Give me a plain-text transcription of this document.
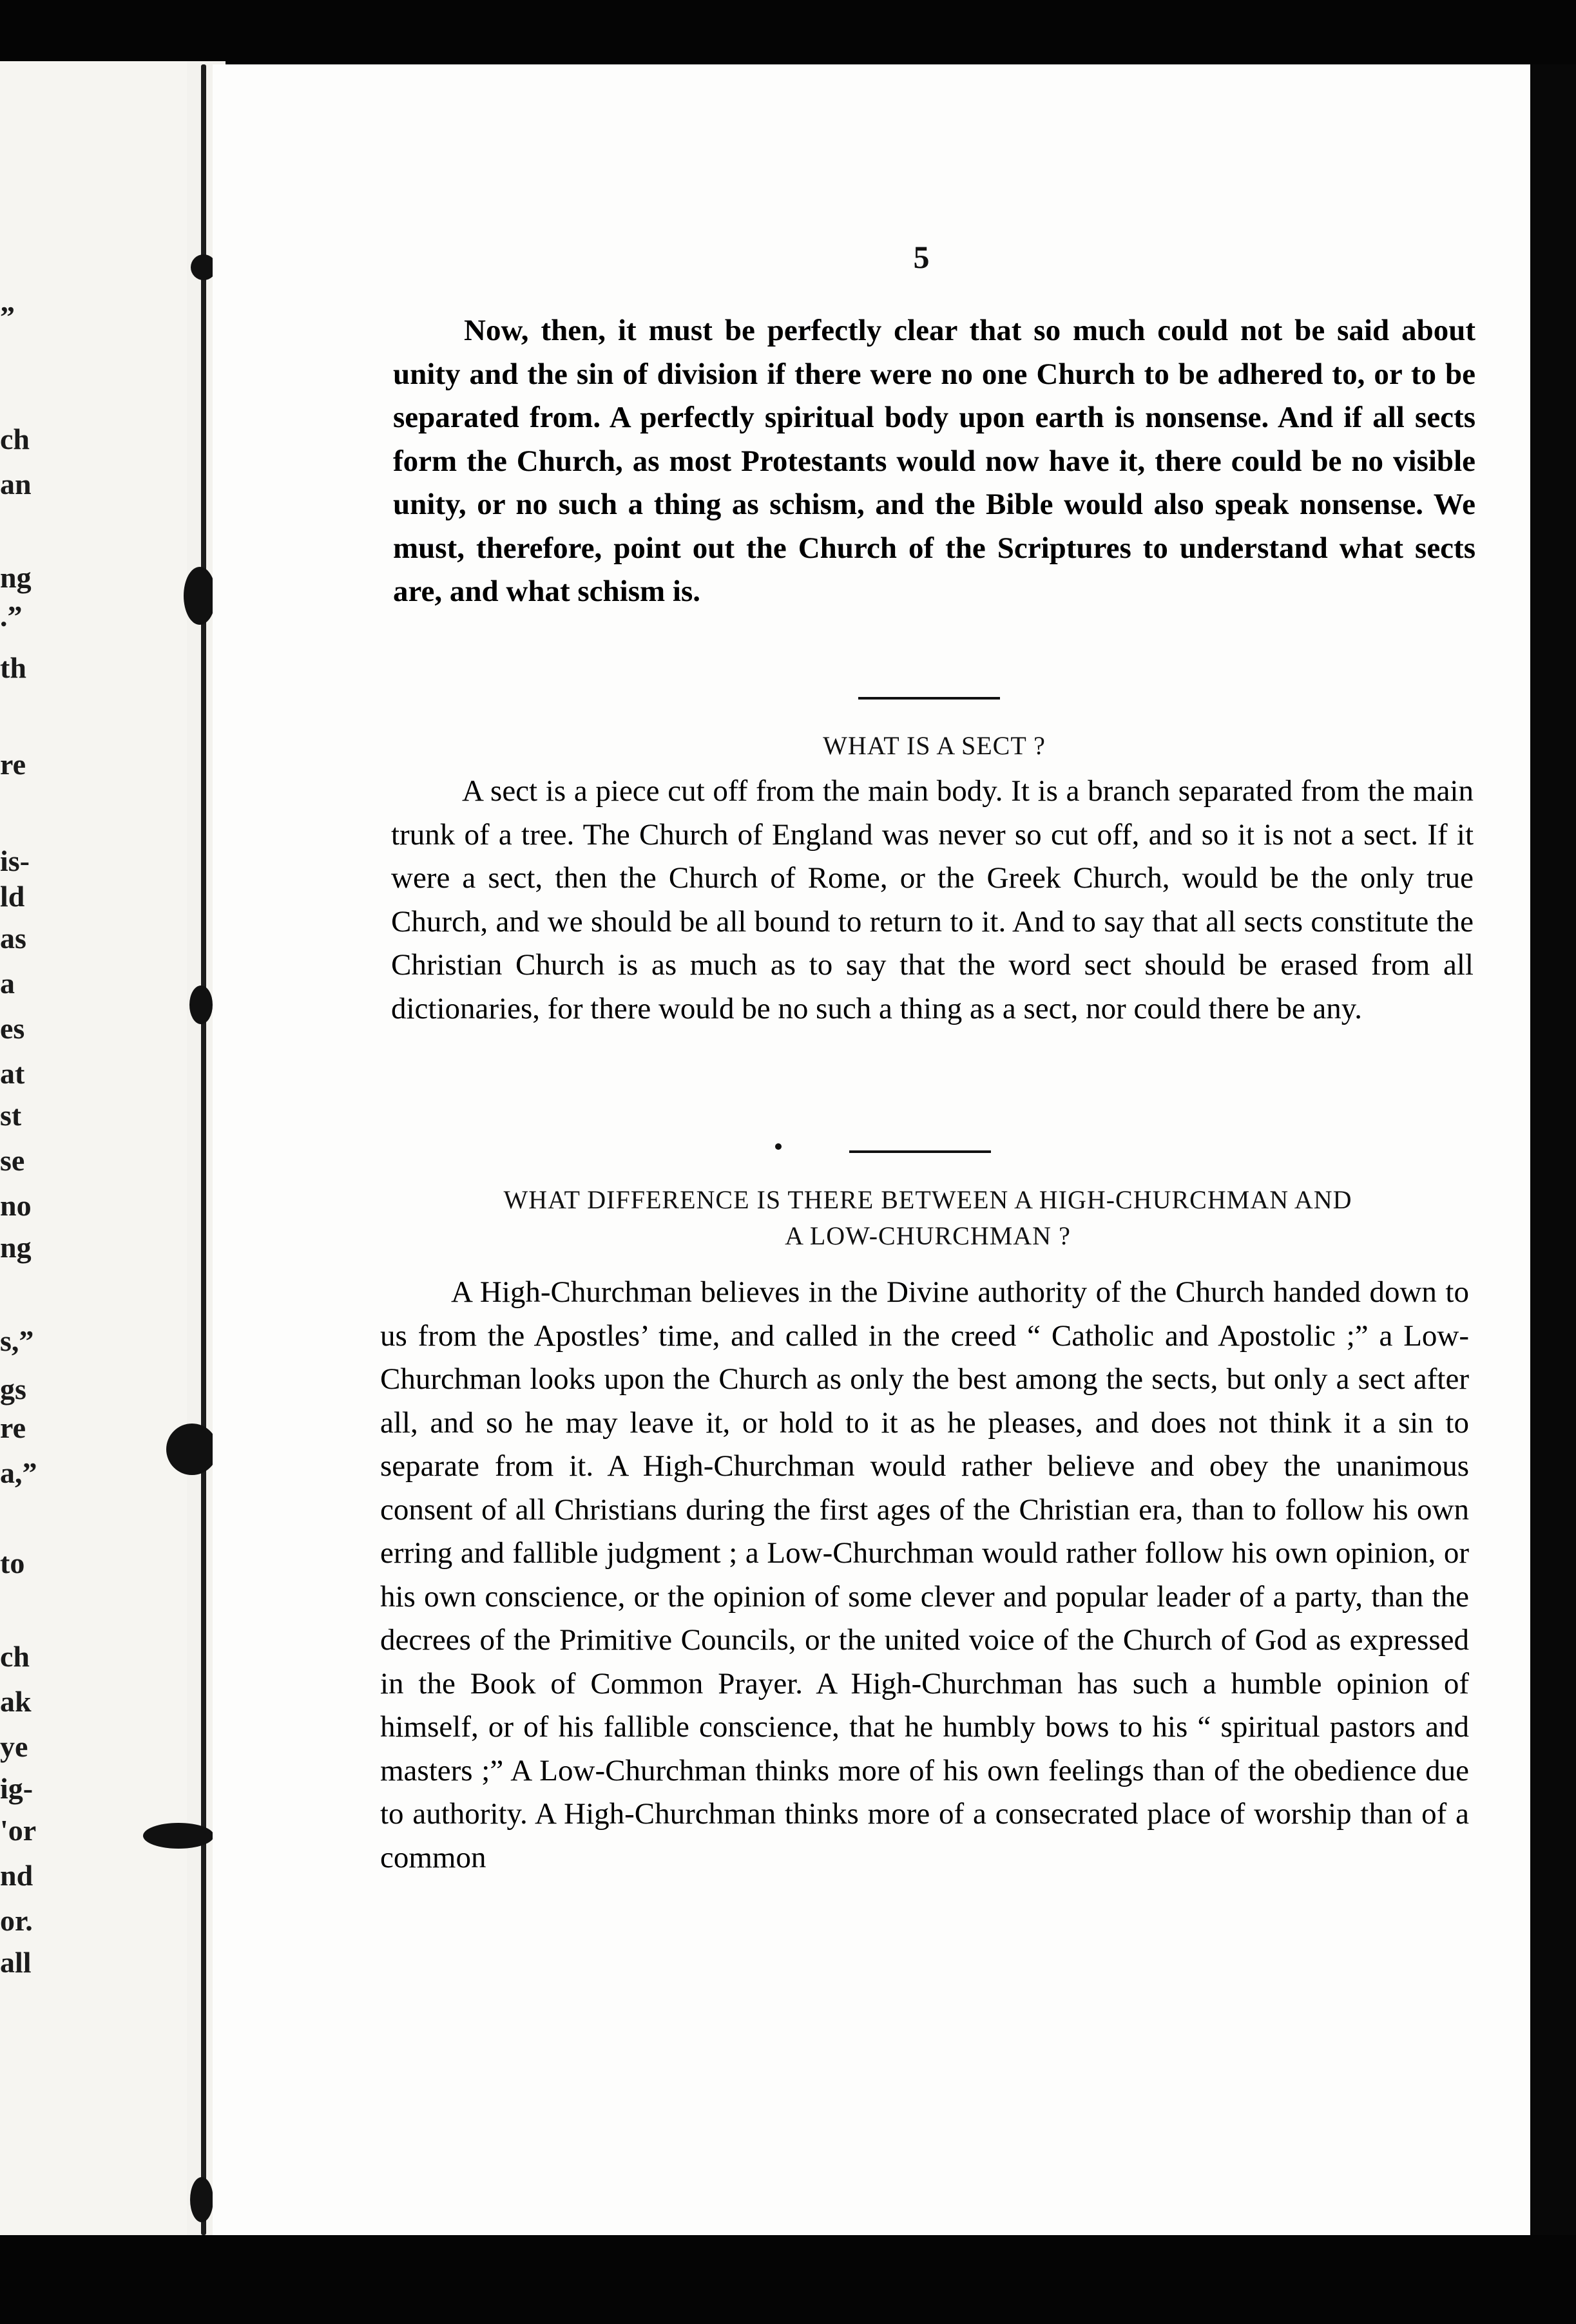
”
ch
an
ng
.”
th
re
is-
ld
as
a
es
at
st
se
no
ng
s,”
gs
re
a,”
to
ch
ak
ye
ig-
'or
nd
or.
all
5

Now, then, it must be perfectly clear that so much could not be said about unity and the sin of division if there were no one Church to be adhered to, or to be separated from. A perfectly spiritual body upon earth is nonsense. And if all sects form the Church, as most Protestants would now have it, there could be no visible unity, or no such a thing as schism, and the Bible would also speak nonsense. We must, therefore, point out the Church of the Scriptures to understand what sects are, and what schism is.

WHAT IS A SECT ?

A sect is a piece cut off from the main body. It is a branch separated from the main trunk of a tree. The Church of England was never so cut off, and so it is not a sect. If it were a sect, then the Church of Rome, or the Greek Church, would be the only true Church, and we should be all bound to return to it. And to say that all sects constitute the Christian Church is as much as to say that the word sect should be erased from all dictionaries, for there would be no such a thing as a sect, nor could there be any.

WHAT DIFFERENCE IS THERE BETWEEN A HIGH-CHURCHMAN AND
A LOW-CHURCHMAN ?

A High-Churchman believes in the Divine authority of the Church handed down to us from the Apostles’ time, and called in the creed “ Catholic and Apostolic ;” a Low-Churchman looks upon the Church as only the best among the sects, but only a sect after all, and so he may leave it, or hold to it as he pleases, and does not think it a sin to separate from it. A High-Churchman would rather believe and obey the unanimous consent of all Christians during the first ages of the Christian era, than to follow his own erring and fallible judgment ; a Low-Churchman would rather follow his own opinion, or his own conscience, or the opinion of some clever and popular leader of a party, than the decrees of the Primitive Councils, or the united voice of the Church of God as expressed in the Book of Common Prayer. A High-Churchman has such a humble opinion of himself, or of his fallible conscience, that he humbly bows to his “ spiritual pastors and masters ;” A Low-Churchman thinks more of his own feelings than of the obedience due to authority. A High-Churchman thinks more of a consecrated place of worship than of a common
